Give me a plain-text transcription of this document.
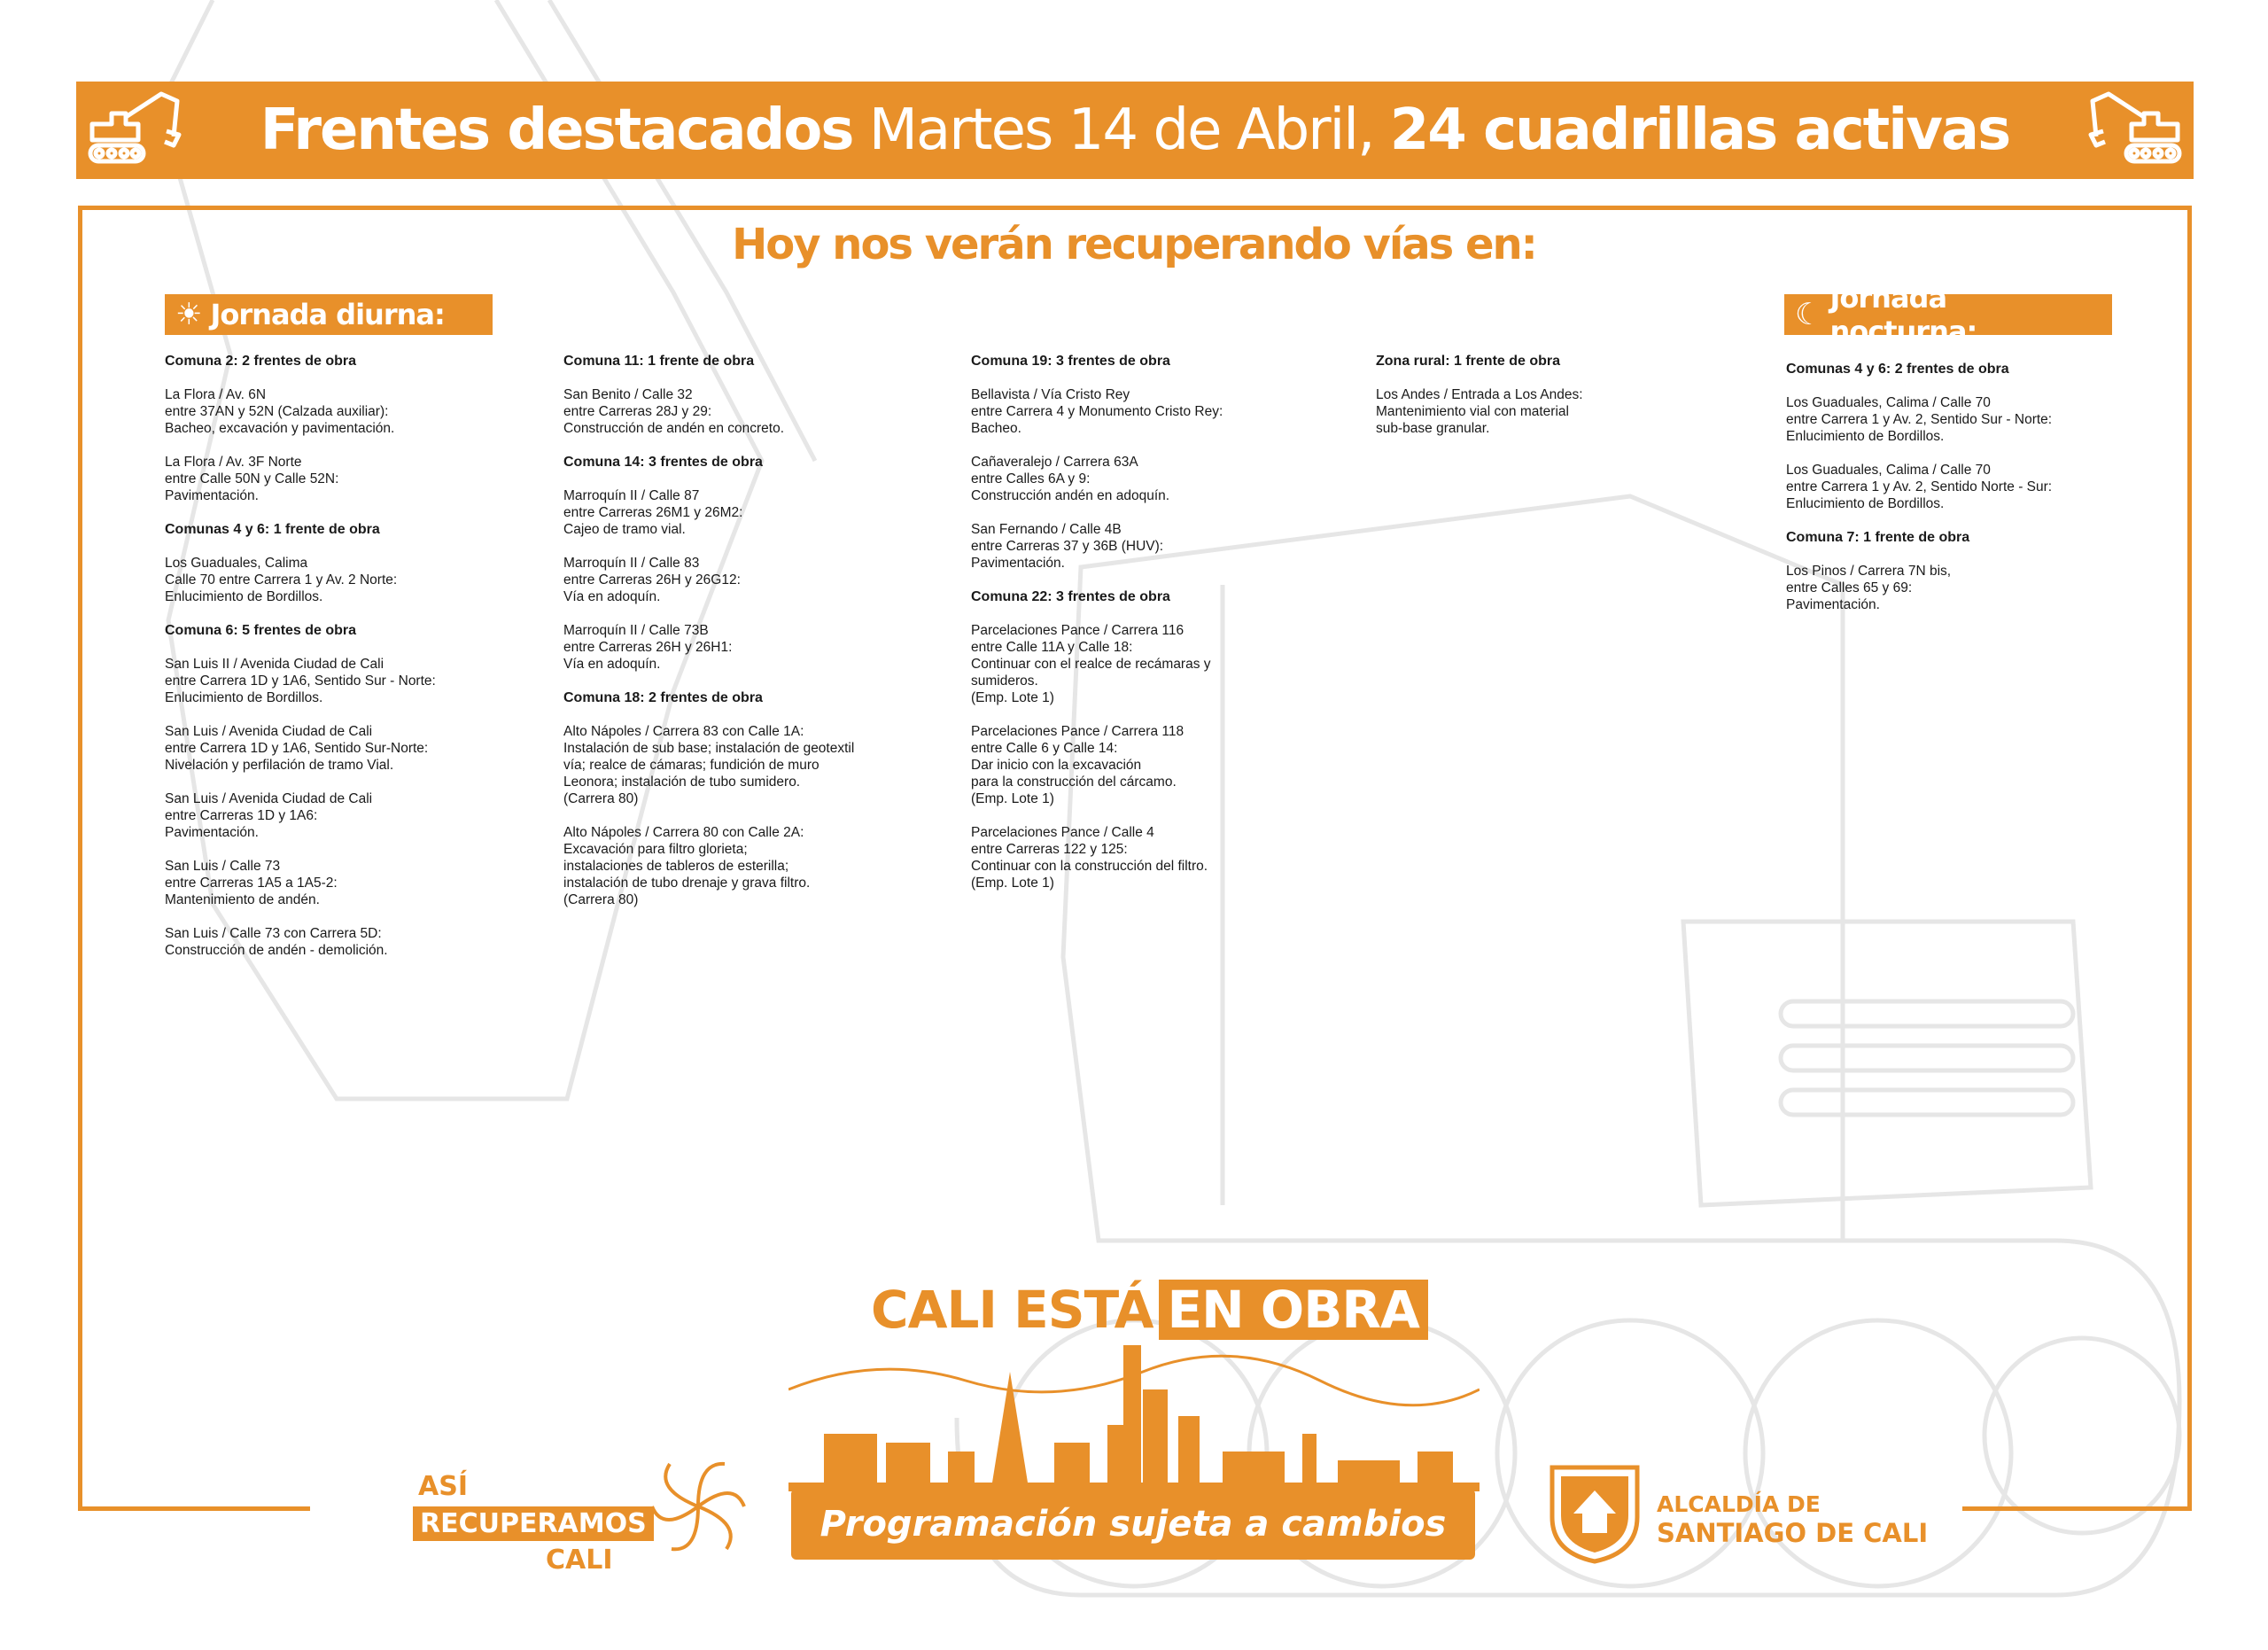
Frentes destacados Martes 14 de Abril, 24 cuadrillas activas
Hoy nos verán recuperando vías en:
☀ Jornada diurna:	☾ Jornada nocturna:
Comuna 2: 2 frentes de obra
La Flora / Av. 6N
entre 37AN y 52N (Calzada auxiliar):
Bacheo, excavación y pavimentación.
La Flora / Av. 3F Norte
entre Calle 50N y Calle 52N:
Pavimentación.
Comunas 4 y 6: 1 frente de obra
Los Guaduales, Calima
Calle 70 entre Carrera 1 y Av. 2 Norte:
Enlucimiento de Bordillos.
Comuna 6: 5 frentes de obra
San Luis II / Avenida Ciudad de Cali
entre Carrera 1D y 1A6, Sentido Sur - Norte:
Enlucimiento de Bordillos.
San Luis / Avenida Ciudad de Cali
entre Carrera 1D y 1A6, Sentido Sur-Norte:
Nivelación y perfilación de tramo Vial.
San Luis / Avenida Ciudad de Cali
entre Carreras 1D y 1A6:
Pavimentación.
San Luis / Calle 73
entre Carreras 1A5 a 1A5-2:
Mantenimiento de andén.
San Luis / Calle 73 con Carrera 5D:
Construcción de andén - demolición.
Comuna 11: 1 frente de obra
San Benito / Calle 32
entre Carreras 28J y 29:
Construcción de andén en concreto.
Comuna 14: 3 frentes de obra
Marroquín II / Calle 87
entre Carreras 26M1 y 26M2:
Cajeo de tramo vial.
Marroquín II / Calle 83
entre Carreras 26H y 26G12:
Vía en adoquín.
Marroquín II / Calle 73B
entre Carreras 26H y 26H1:
Vía en adoquín.
Comuna 18: 2 frentes de obra
Alto Nápoles / Carrera 83 con Calle 1A:
Instalación de sub base; instalación de geotextil
vía; realce de cámaras; fundición de muro
Leonora; instalación de tubo sumidero.
(Carrera 80)
Alto Nápoles / Carrera 80 con Calle 2A:
Excavación para filtro glorieta;
instalaciones de tableros de esterilla;
instalación de tubo drenaje y grava filtro.
(Carrera 80)
Comuna 19: 3 frentes de obra
Bellavista / Vía Cristo Rey
entre Carrera 4 y Monumento Cristo Rey:
Bacheo.
Cañaveralejo / Carrera 63A
entre Calles 6A y 9:
Construcción andén en adoquín.
San Fernando / Calle 4B
entre Carreras 37 y 36B (HUV):
Pavimentación.
Comuna 22: 3 frentes de obra
Parcelaciones Pance / Carrera 116
entre Calle 11A y Calle 18:
Continuar con el realce de recámaras y
sumideros.
(Emp. Lote 1)
Parcelaciones Pance / Carrera 118
entre Calle 6 y Calle 14:
Dar inicio con la excavación
para la construcción del cárcamo.
(Emp. Lote 1)
Parcelaciones Pance / Calle 4
entre Carreras 122 y 125:
Continuar con la construcción del filtro.
(Emp. Lote 1)
Zona rural: 1 frente de obra
Los Andes / Entrada a Los Andes:
Mantenimiento vial con material
sub-base granular.
Comunas 4 y 6: 2 frentes de obra
Los Guaduales, Calima / Calle 70
entre Carrera 1 y Av. 2, Sentido Sur - Norte:
Enlucimiento de Bordillos.
Los Guaduales, Calima / Calle 70
entre Carrera 1 y Av. 2, Sentido Norte - Sur:
Enlucimiento de Bordillos.
Comuna 7: 1 frente de obra
Los Pinos / Carrera 7N bis,
entre Calles 65 y 69:
Pavimentación.
ASÍ
RECUPERAMOS
CALI
CALI ESTÁ EN OBRA
Programación sujeta a cambios	ALCALDÍA DE
SANTIAGO DE CALI
